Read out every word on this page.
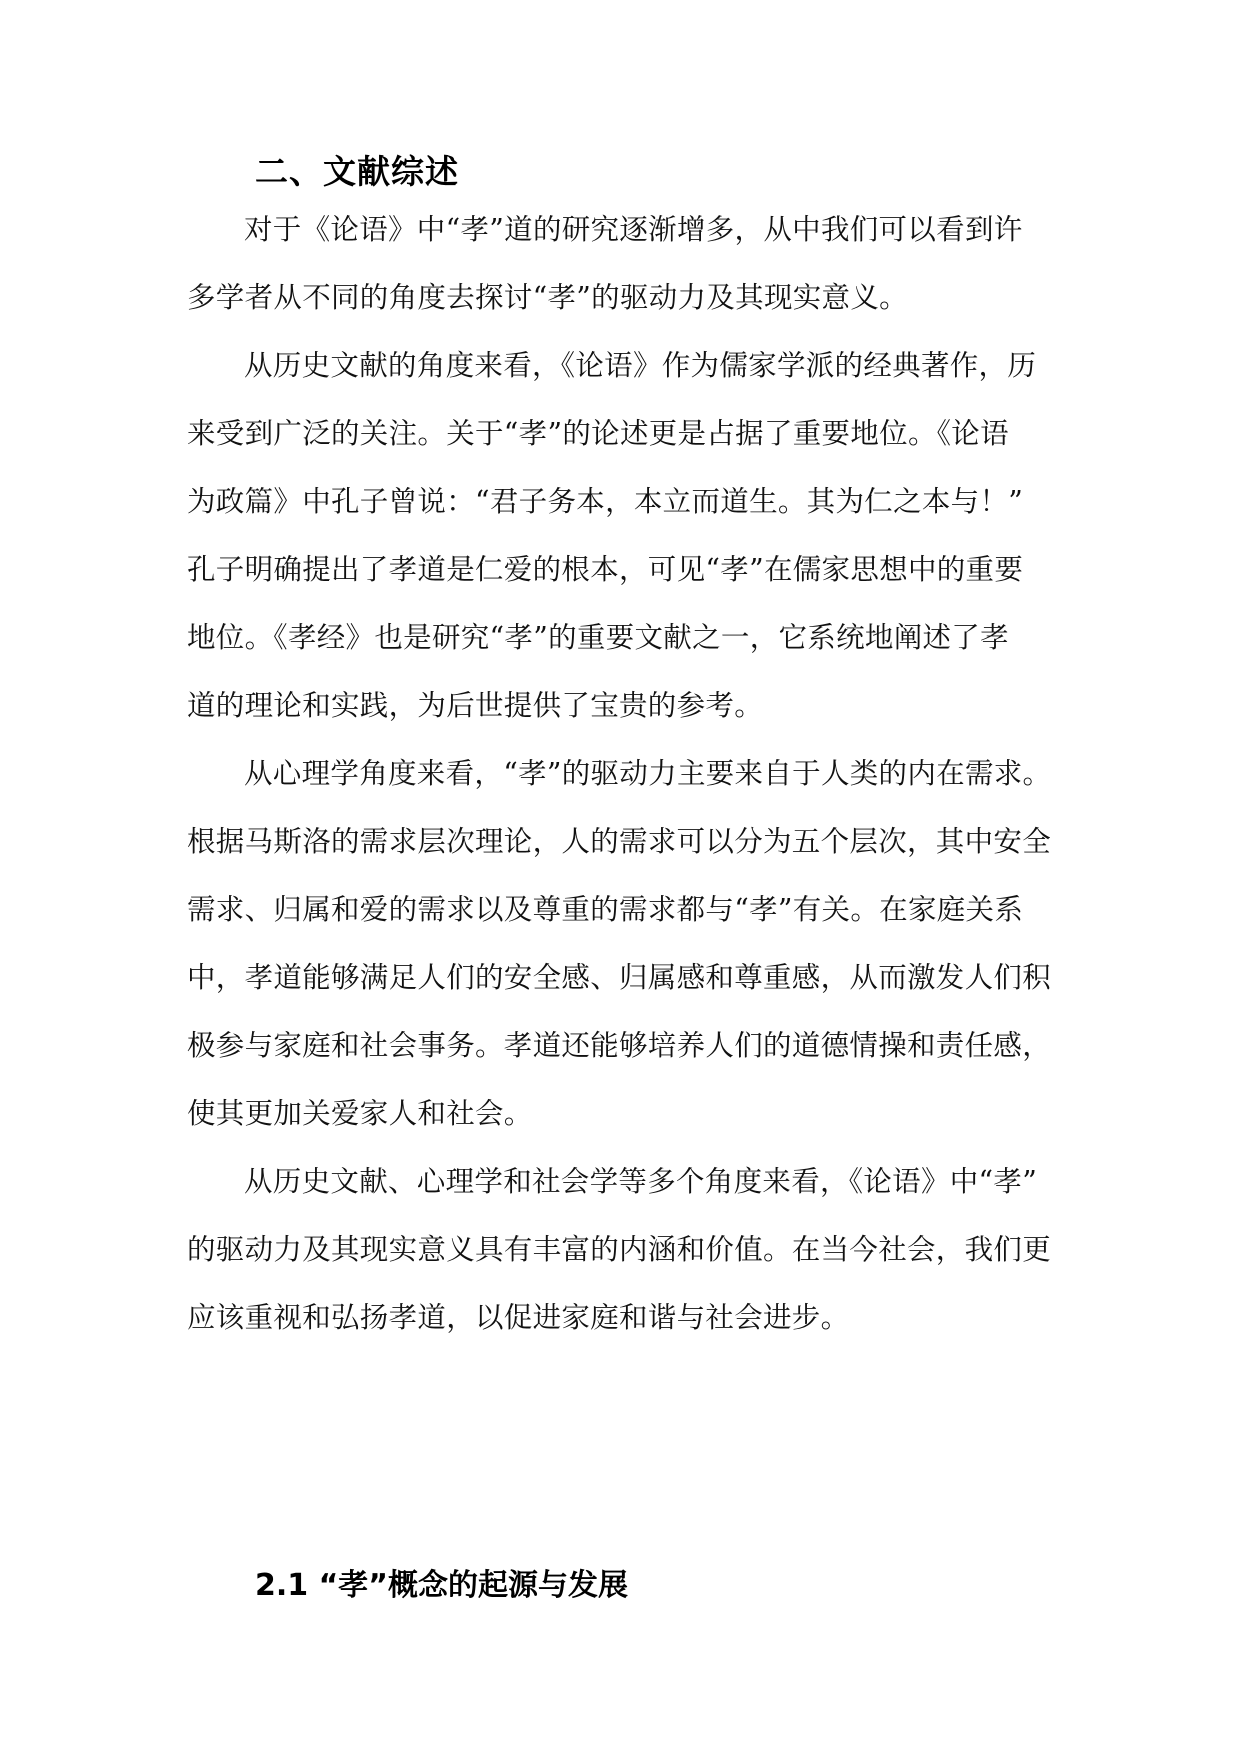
二、文献综述
对于《论语》中“孝”道的研究逐渐增多，从中我们可以看到许
多学者从不同的角度去探讨“孝”的驱动力及其现实意义。
从历史文献的角度来看，《论语》作为儒家学派的经典著作，历
来受到广泛的关注。关于“孝”的论述更是占据了重要地位。《论语
为政篇》中孔子曾说：“君子务本，本立而道生。其为仁之本与！”
孔子明确提出了孝道是仁爱的根本，可见“孝”在儒家思想中的重要
地位。《孝经》也是研究“孝”的重要文献之一，它系统地阐述了孝
道的理论和实践，为后世提供了宝贵的参考。
从心理学角度来看，“孝”的驱动力主要来自于人类的内在需求。
根据马斯洛的需求层次理论，人的需求可以分为五个层次，其中安全
需求、归属和爱的需求以及尊重的需求都与“孝”有关。在家庭关系
中，孝道能够满足人们的安全感、归属感和尊重感，从而激发人们积
极参与家庭和社会事务。孝道还能够培养人们的道德情操和责任感，
使其更加关爱家人和社会。
从历史文献、心理学和社会学等多个角度来看，《论语》中“孝”
的驱动力及其现实意义具有丰富的内涵和价值。在当今社会，我们更
应该重视和弘扬孝道，以促进家庭和谐与社会进步。
2.1 “孝”概念的起源与发展
